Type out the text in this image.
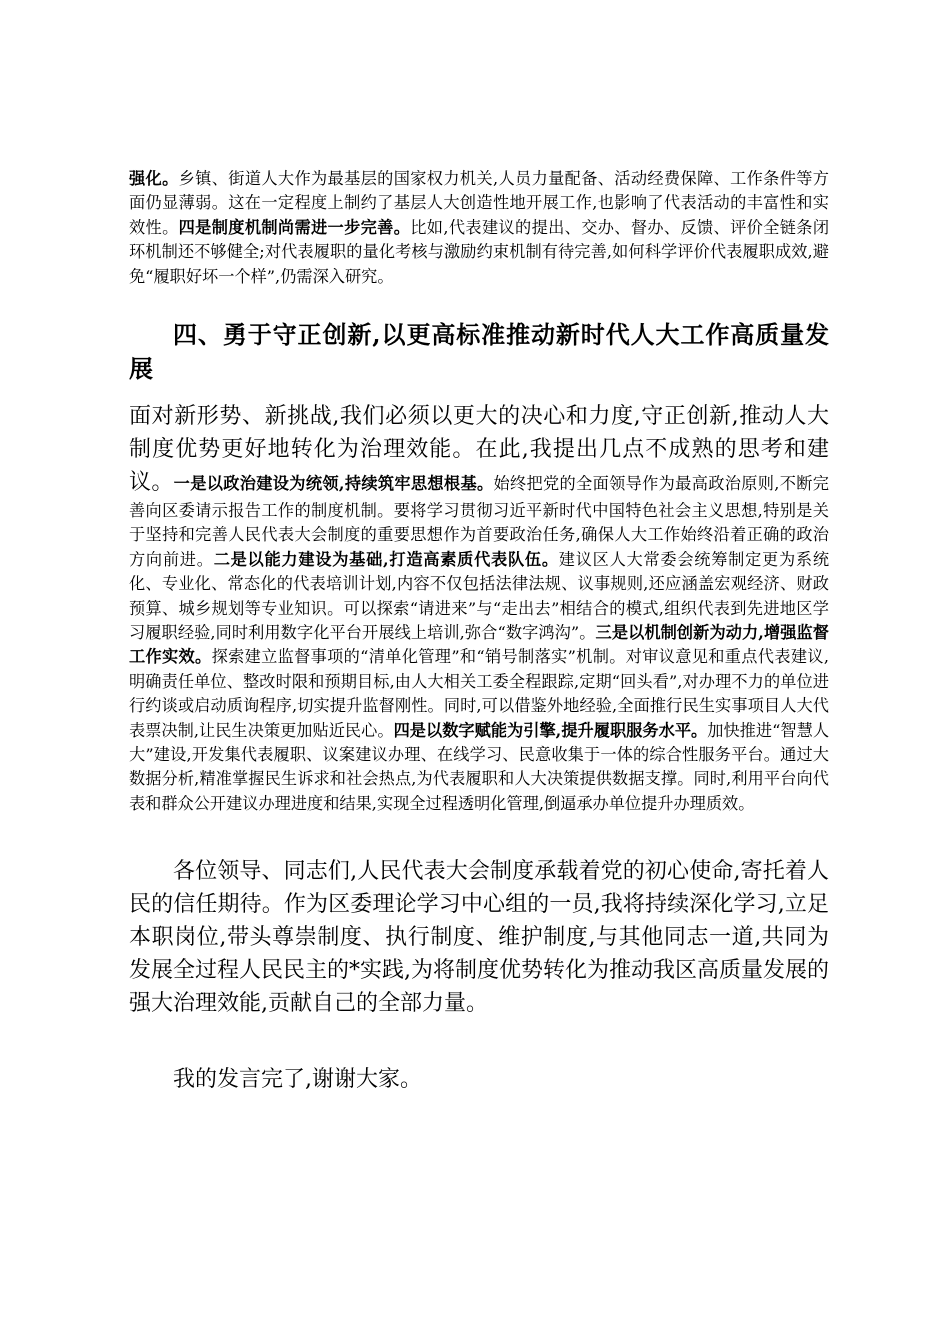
强化。乡镇、街道人大作为最基层的国家权力机关,人员力量配备、活动经费保障、工作条件等方面仍显薄弱。这在一定程度上制约了基层人大创造性地开展工作,也影响了代表活动的丰富性和实效性。四是制度机制尚需进一步完善。比如,代表建议的提出、交办、督办、反馈、评价全链条闭环机制还不够健全;对代表履职的量化考核与激励约束机制有待完善,如何科学评价代表履职成效,避免“履职好坏一个样”,仍需深入研究。

四、勇于守正创新,以更高标准推动新时代人大工作高质量发展

面对新形势、新挑战,我们必须以更大的决心和力度,守正创新,推动人大制度优势更好地转化为治理效能。在此,我提出几点不成熟的思考和建议。一是以政治建设为统领,持续筑牢思想根基。始终把党的全面领导作为最高政治原则,不断完善向区委请示报告工作的制度机制。要将学习贯彻习近平新时代中国特色社会主义思想,特别是关于坚持和完善人民代表大会制度的重要思想作为首要政治任务,确保人大工作始终沿着正确的政治方向前进。二是以能力建设为基础,打造高素质代表队伍。建议区人大常委会统筹制定更为系统化、专业化、常态化的代表培训计划,内容不仅包括法律法规、议事规则,还应涵盖宏观经济、财政预算、城乡规划等专业知识。可以探索“请进来”与“走出去”相结合的模式,组织代表到先进地区学习履职经验,同时利用数字化平台开展线上培训,弥合“数字鸿沟”。三是以机制创新为动力,增强监督工作实效。探索建立监督事项的“清单化管理”和“销号制落实”机制。对审议意见和重点代表建议,明确责任单位、整改时限和预期目标,由人大相关工委全程跟踪,定期“回头看”,对办理不力的单位进行约谈或启动质询程序,切实提升监督刚性。同时,可以借鉴外地经验,全面推行民生实事项目人大代表票决制,让民生决策更加贴近民心。四是以数字赋能为引擎,提升履职服务水平。加快推进“智慧人大”建设,开发集代表履职、议案建议办理、在线学习、民意收集于一体的综合性服务平台。通过大数据分析,精准掌握民生诉求和社会热点,为代表履职和人大决策提供数据支撑。同时,利用平台向代表和群众公开建议办理进度和结果,实现全过程透明化管理,倒逼承办单位提升办理质效。

各位领导、同志们,人民代表大会制度承载着党的初心使命,寄托着人民的信任期待。作为区委理论学习中心组的一员,我将持续深化学习,立足本职岗位,带头尊崇制度、执行制度、维护制度,与其他同志一道,共同为发展全过程人民民主的*实践,为将制度优势转化为推动我区高质量发展的强大治理效能,贡献自己的全部力量。

我的发言完了,谢谢大家。
